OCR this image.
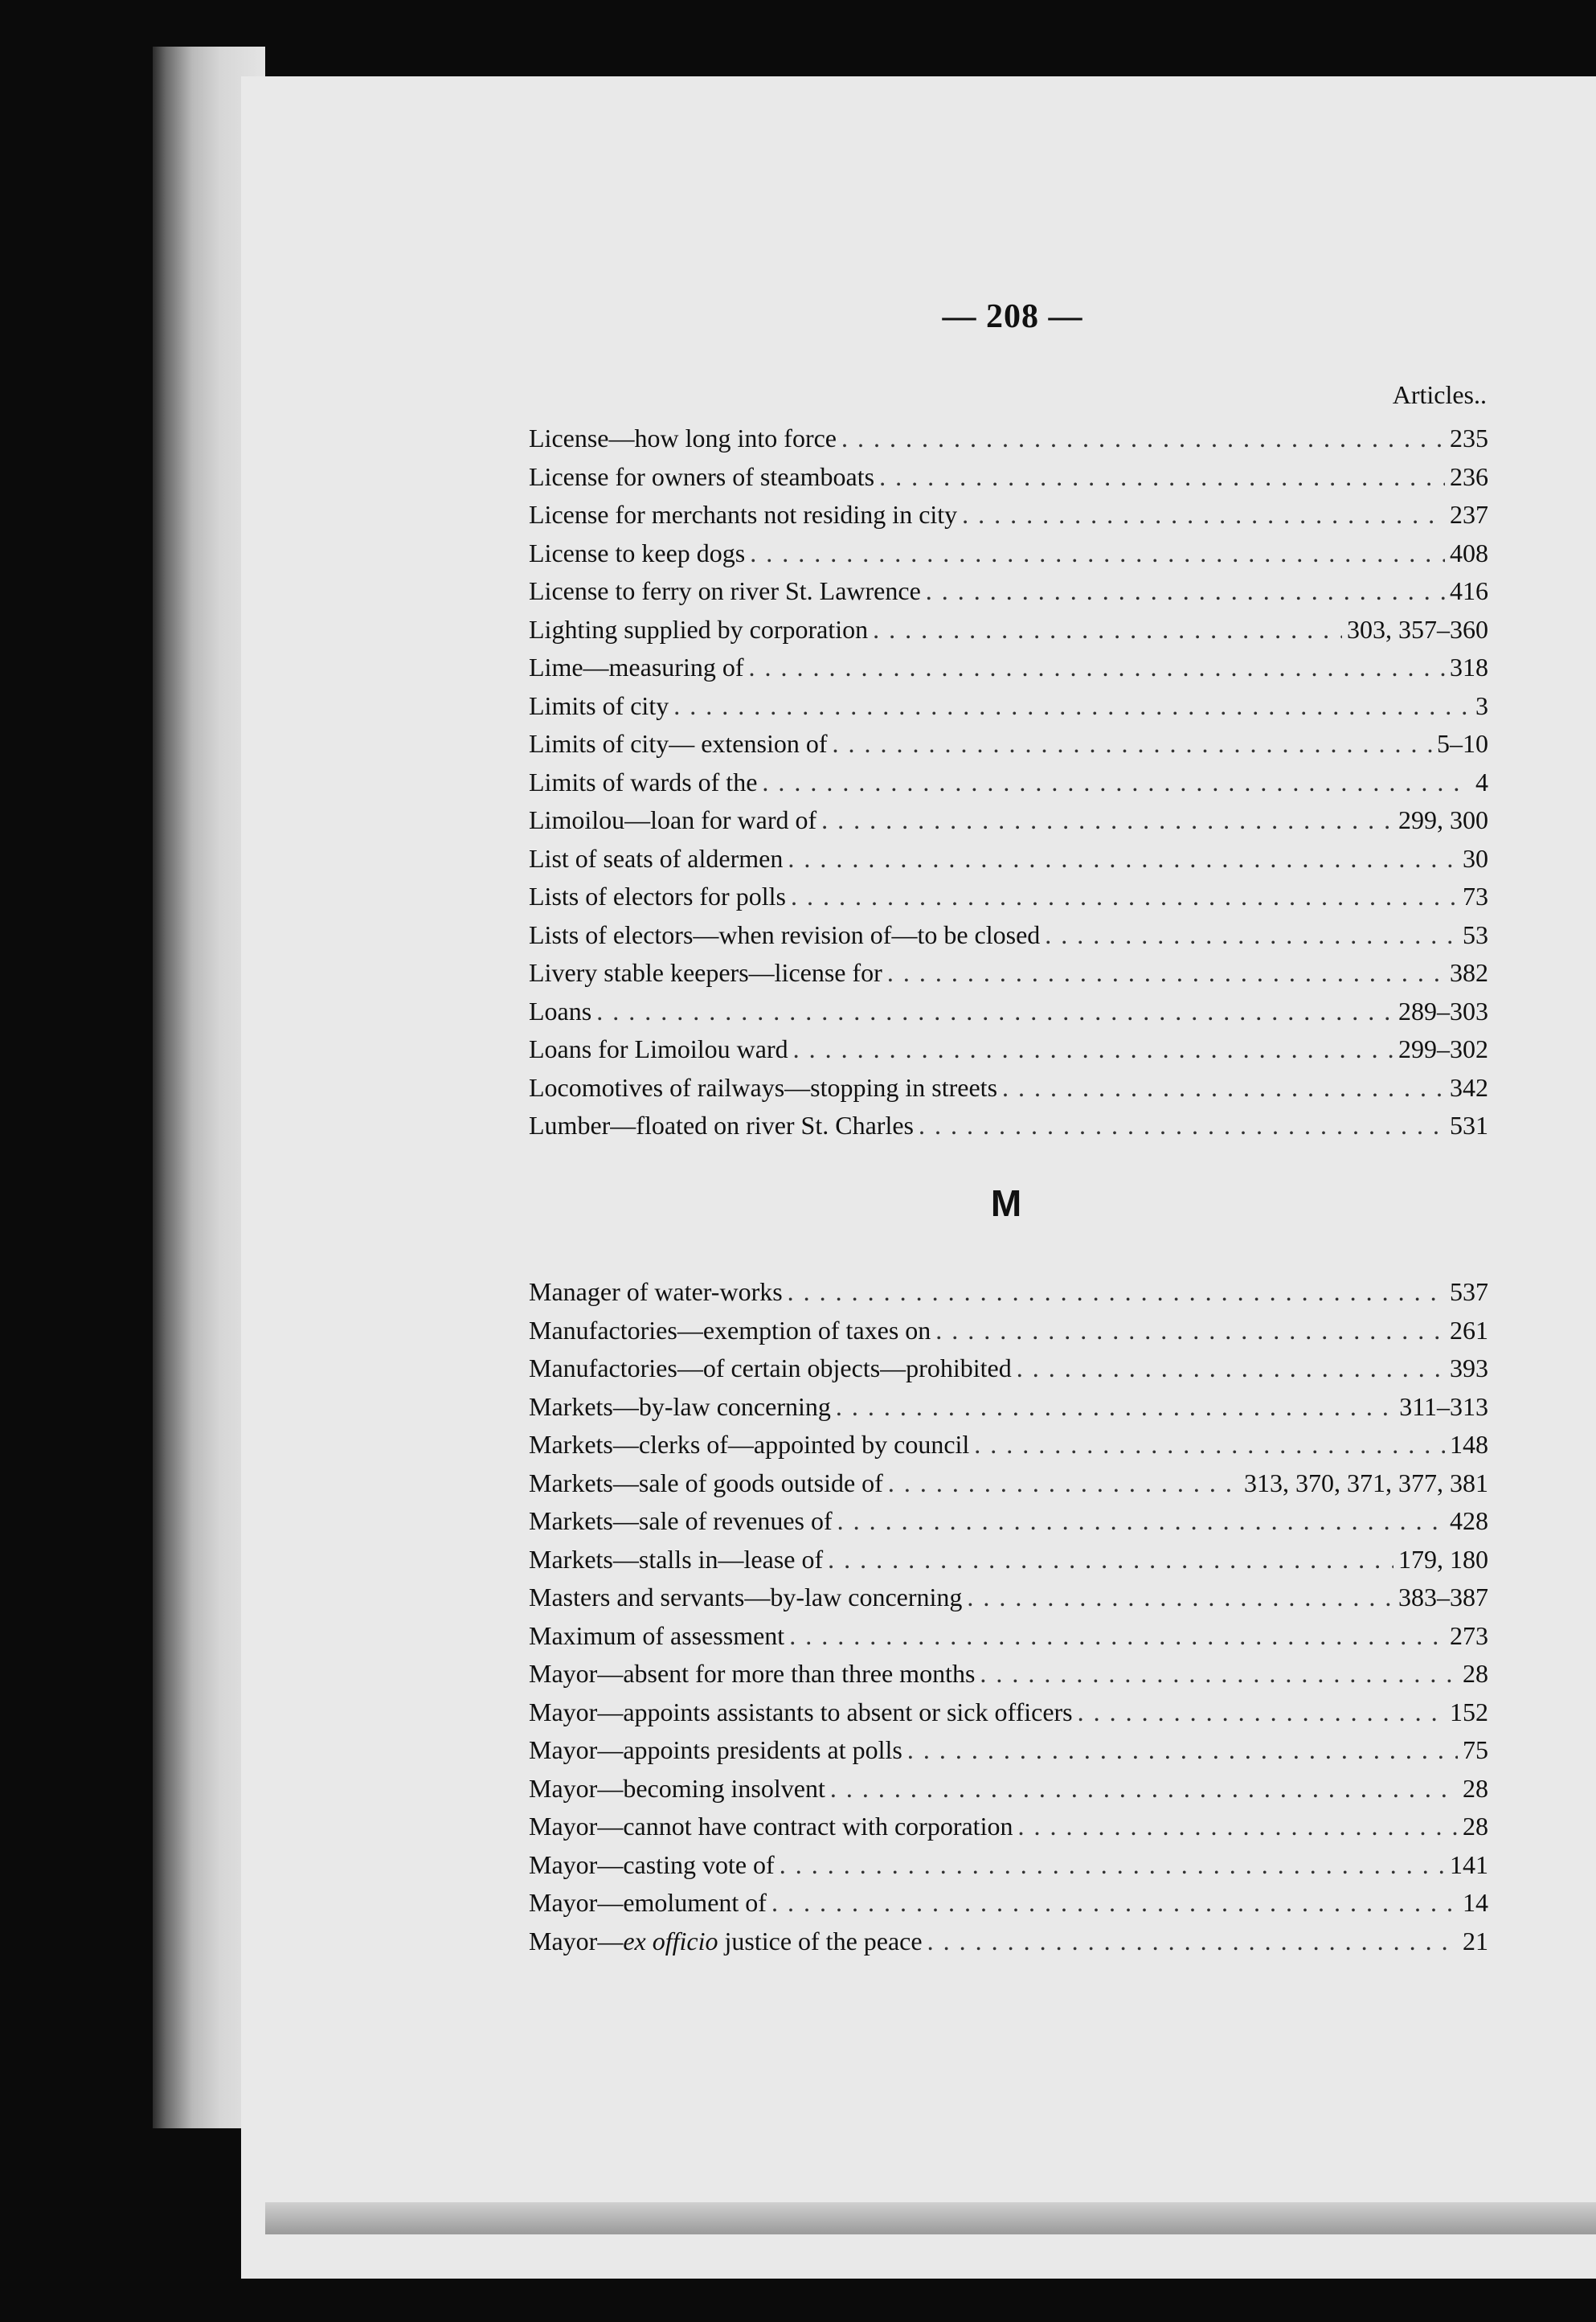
— 208 —
Articles..
License—how long into force . . .	235
License for owners of steamboats . . .	236
License for merchants not residing in city . . .	237
License to keep dogs . . .	408
License to ferry on river St. Lawrence . . .	416
Lighting supplied by corporation . . .	303, 357–360
Lime—measuring of . . .	318
Limits of city . . .	3
Limits of city— extension of . . .	5–10
Limits of wards of the . . .	4
Limoilou—loan for ward of . . .	299, 300
List of seats of aldermen . . .	30
Lists of electors for polls . . .	73
Lists of electors—when revision of—to be closed . . .	53
Livery stable keepers—license for . . .	382
Loans . . .	289–303
Loans for Limoilou ward . . .	299–302
Locomotives of railways—stopping in streets . . .	342
Lumber—floated on river St. Charles . . .	531
M
Manager of water-works . . .	537
Manufactories—exemption of taxes on . . .	261
Manufactories—of certain objects—prohibited . . .	393
Markets—by-law concerning . . .	311–313
Markets—clerks of—appointed by council . . .	148
Markets—sale of goods outside of . . .	313, 370, 371, 377, 381
Markets—sale of revenues of . . .	428
Markets—stalls in—lease of . . .	179, 180
Masters and servants—by-law concerning . . .	383–387
Maximum of assessment . . .	273
Mayor—absent for more than three months . . .	28
Mayor—appoints assistants to absent or sick officers . . .	152
Mayor—appoints presidents at polls . . .	75
Mayor—becoming insolvent . . .	28
Mayor—cannot have contract with corporation . . .	28
Mayor—casting vote of . . .	141
Mayor—emolument of . . .	14
Mayor—ex officio justice of the peace . . .	21
